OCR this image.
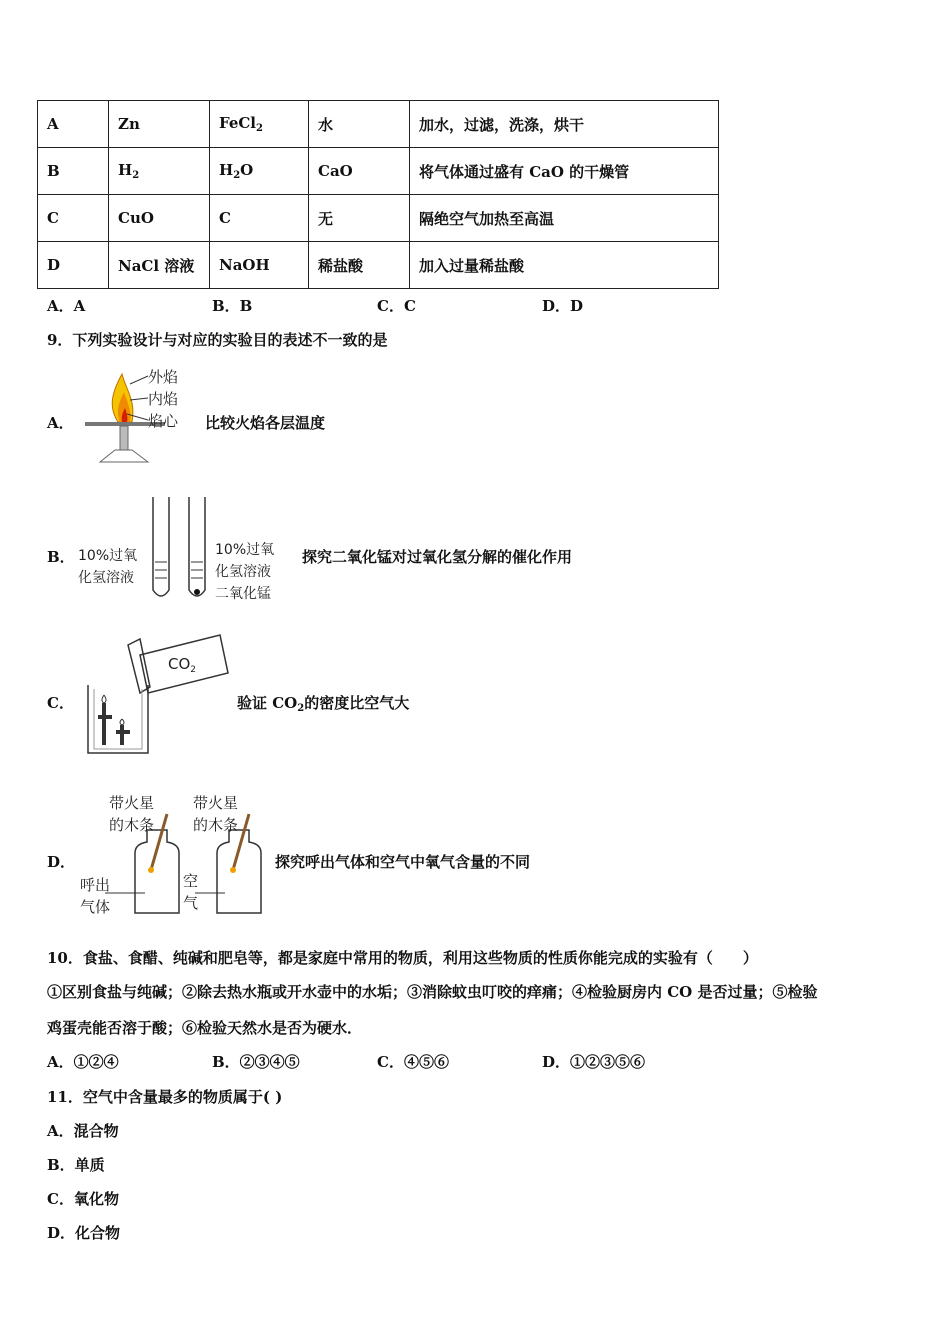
A	Zn	FeCl$_2$	水	加水，过滤，洗涤，烘干
B	$H_2$	$H_2O$	CaO	将气体通过盛有 CaO 的干燥管
C	CuO	C	无	隔绝空气加热至高温
D	NaCl 溶液	NaOH	稀盐酸	加入过量稀盐酸
A．A	B．B	C．C	D．D
9．下列实验设计与对应的实验目的表述不一致的是
A．
外焰
内焰
焰心 比较火焰各层温度
B． 10%过氧
化氢溶液
10%过氧
化氢溶液
二氧化锰
探究二氧化锰对过氧化氢分解的催化作用
C．
$CO_2$
验证 $CO_2$的密度比空气大
D．
带火星
的木条
带火星
的木条
呼出
气体
空
气
探究呼出气体和空气中氧气含量的不同
10．食盐、食醋、纯碱和肥皂等，都是家庭中常用的物质，利用这些物质的性质你能完成的实验有（　　）
①区别食盐与纯碱；②除去热水瓶或开水壶中的水垢；③消除蚊虫叮咬的痒痛；④检验厨房内 CO 是否过量；⑤检验
鸡蛋壳能否溶于酸；⑥检验天然水是否为硬水．
A．①②④	B．②③④⑤	C．④⑤⑥	D．①②③⑤⑥
11．空气中含量最多的物质属于( )
A．混合物
B．单质
C．氧化物
D．化合物
